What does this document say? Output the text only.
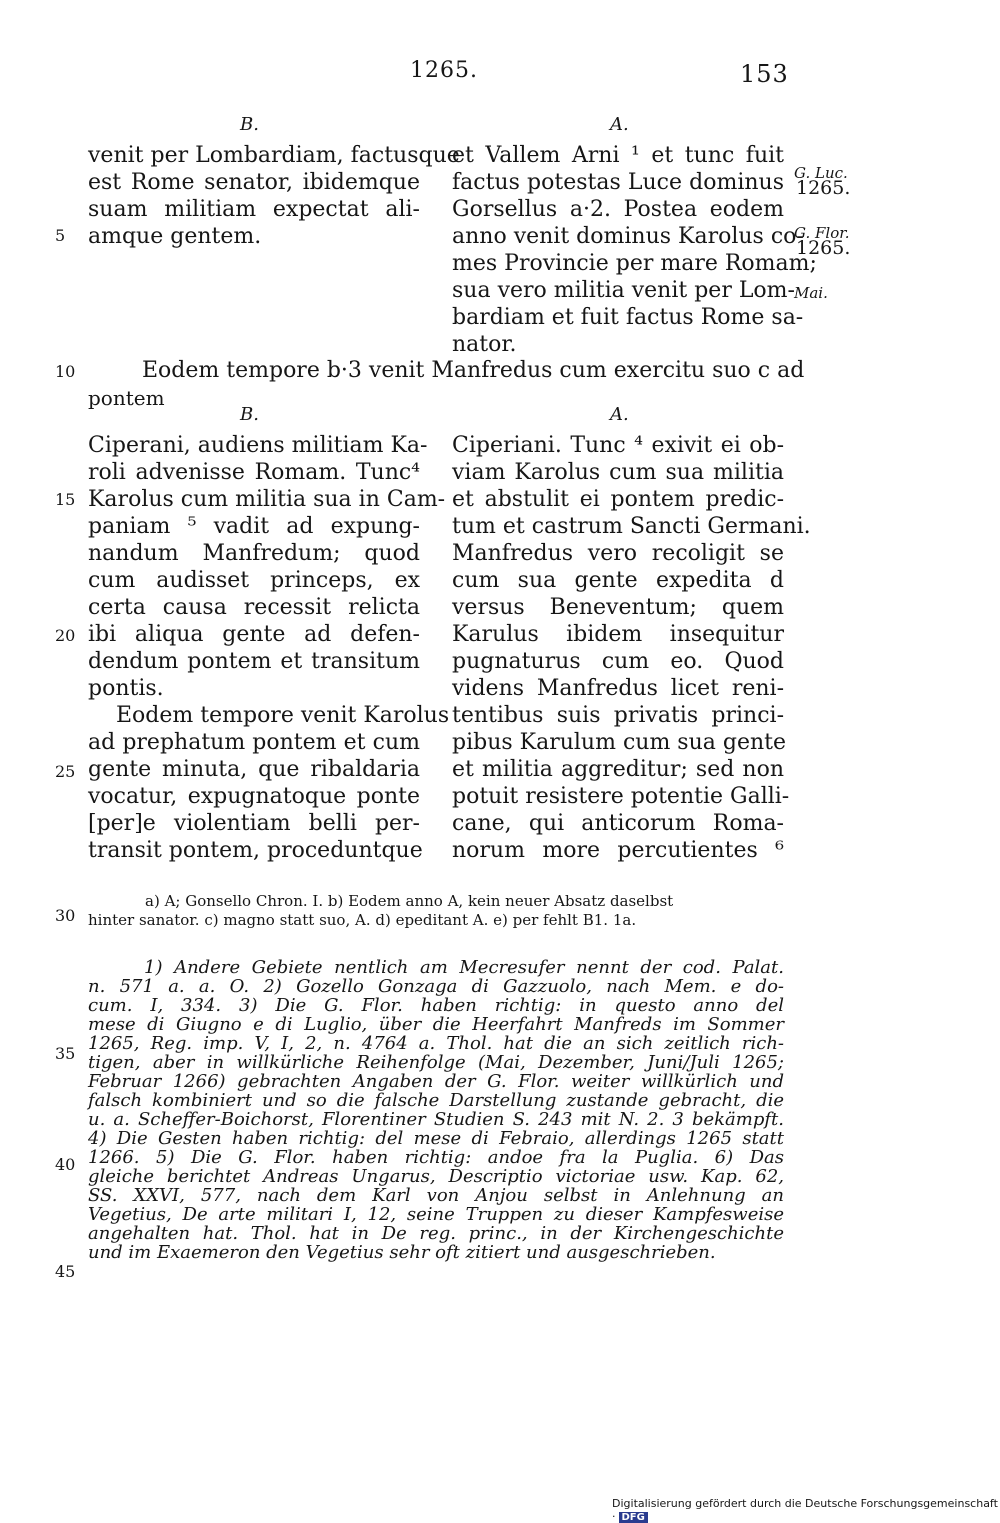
1265.	153
B.	A.
venit per Lombardiam, factusque
est Rome senator, ibidemque
suam militiam expectat ali-
amque gentem.
et Vallem Arni ¹ et tunc fuit
factus potestas Luce dominus
Gorsellus a·2. Postea eodem
anno venit dominus Karolus co-
mes Provincie per mare Romam;
sua vero militia venit per Lom-
bardiam et fuit factus Rome sa-
nator.
Eodem tempore b·3 venit Manfredus cum exercitu suo c ad
pontem
B.	A.
Ciperani, audiens militiam Ka-
roli advenisse Romam. Tunc⁴
Karolus cum militia sua in Cam-
paniam ⁵ vadit ad expung-
nandum Manfredum; quod
cum audisset princeps, ex
certa causa recessit relicta
ibi aliqua gente ad defen-
dendum pontem et transitum
pontis.
Eodem tempore venit Karolus
ad prephatum pontem et cum
gente minuta, que ribaldaria
vocatur, expugnatoque ponte
[per]e violentiam belli per-
transit pontem, proceduntque
Ciperiani. Tunc ⁴ exivit ei ob-
viam Karolus cum sua militia
et abstulit ei pontem predic-
tum et castrum Sancti Germani.
Manfredus vero recoligit se
cum sua gente expedita d
versus Beneventum; quem
Karulus ibidem insequitur
pugnaturus cum eo. Quod
videns Manfredus licet reni-
tentibus suis privatis princi-
pibus Karulum cum sua gente
et militia aggreditur; sed non
potuit resistere potentie Galli-
cane, qui anticorum Roma-
norum more percutientes ⁶
5
10
15
20
25
30
35
40
45
G. Luc.
1265.
G. Flor.
1265.
Mai.
a) A; Gonsello Chron. I. b) Eodem anno A, kein neuer Absatz daselbst
hinter sanator. c) magno statt suo, A. d) epeditant A. e) per fehlt B1. 1a.
1) Andere Gebiete nentlich am Mecresufer nennt der cod. Palat.
n. 571 a. a. O. 2) Gozello Gonzaga di Gazzuolo, nach Mem. e do-
cum. I, 334. 3) Die G. Flor. haben richtig: in questo anno del
mese di Giugno e di Luglio, über die Heerfahrt Manfreds im Sommer
1265, Reg. imp. V, I, 2, n. 4764 a. Thol. hat die an sich zeitlich rich-
tigen, aber in willkürliche Reihenfolge (Mai, Dezember, Juni/Juli 1265;
Februar 1266) gebrachten Angaben der G. Flor. weiter willkürlich und
falsch kombiniert und so die falsche Darstellung zustande gebracht, die
u. a. Scheffer-Boichorst, Florentiner Studien S. 243 mit N. 2. 3 bekämpft.
4) Die Gesten haben richtig: del mese di Febraio, allerdings 1265 statt
1266. 5) Die G. Flor. haben richtig: andoe fra la Puglia. 6) Das
gleiche berichtet Andreas Ungarus, Descriptio victoriae usw. Kap. 62,
SS. XXVI, 577, nach dem Karl von Anjou selbst in Anlehnung an
Vegetius, De arte militari I, 12, seine Truppen zu dieser Kampfesweise
angehalten hat. Thol. hat in De reg. princ., in der Kirchengeschichte
und im Exaemeron den Vegetius sehr oft zitiert und ausgeschrieben.
Digitalisierung gefördert durch die Deutsche Forschungsgemeinschaft · DFG
